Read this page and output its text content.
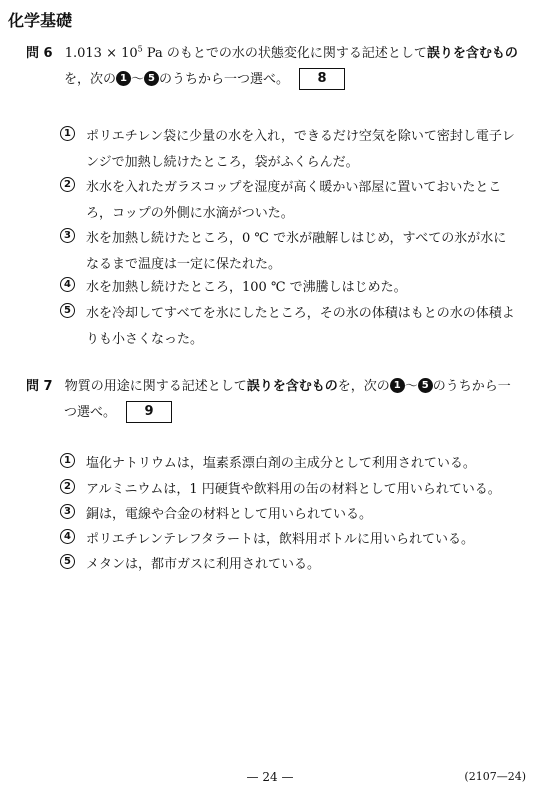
化学基礎
問 6 $1.013 \times 10^5$ Pa のもとでの水の状態変化に関する記述として誤りを含むもの
を，次の 1 〜 5 のうちから一つ選べ。 8
1	ポリエチレン袋に少量の水を入れ，できるだけ空気を除いて密封し電子レ
ンジで加熱し続けたところ，袋がふくらんだ。
2	氷水を入れたガラスコップを湿度が高く暖かい部屋に置いておいたとこ
ろ，コップの外側に水滴がついた。
3	氷を加熱し続けたところ，0 ℃ で氷が融解しはじめ，すべての氷が水に
なるまで温度は一定に保たれた。
4	水を加熱し続けたところ，100 ℃ で沸騰しはじめた。
5	水を冷却してすべてを氷にしたところ，その氷の体積はもとの水の体積よ
りも小さくなった。
問 7 物質の用途に関する記述として誤りを含むものを，次の 1 〜 5 のうちから一
つ選べ。 9
1	塩化ナトリウムは，塩素系漂白剤の主成分として利用されている。
2	アルミニウムは，1 円硬貨や飲料用の缶の材料として用いられている。
3	銅は，電線や合金の材料として用いられている。
4	ポリエチレンテレフタラートは，飲料用ボトルに用いられている。
5	メタンは，都市ガスに利用されている。
— 24 —	(2107—24)
